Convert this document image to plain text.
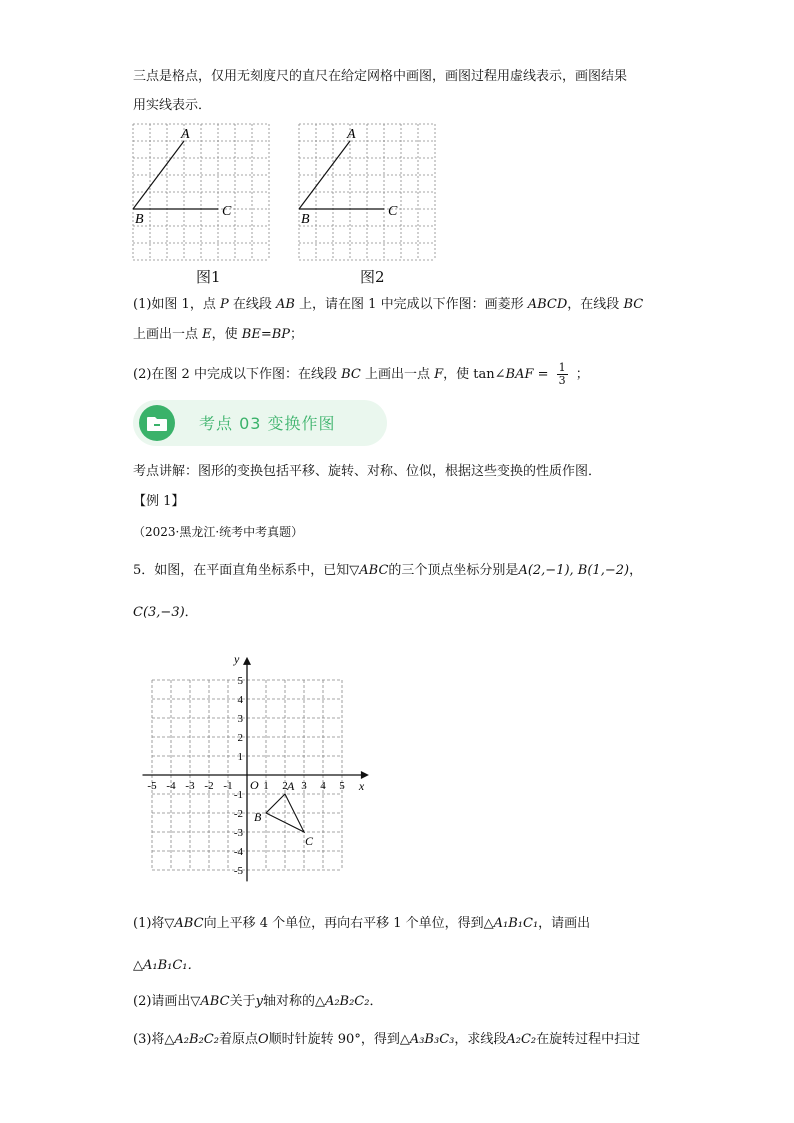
三点是格点，仅用无刻度尺的直尺在给定网格中画图，画图过程用虚线表示，画图结果
用实线表示．
A
B
C
A
B
C
图1	图2
(1)如图 1，点 P 在线段 AB 上，请在图 1 中完成以下作图：画菱形 ABCD，在线段 BC
上画出一点 E，使 BE=BP；
(2)在图 2 中完成以下作图：在线段 BC 上画出一点 F，使 tan∠BAF = $\frac{1}{3}$ ；
考点 03 变换作图
考点讲解：图形的变换包括平移、旋转、对称、位似，根据这些变换的性质作图．
【例 1】
（2023·黑龙江·统考中考真题）
5．如图，在平面直角坐标系中，已知▽ABC的三个顶点坐标分别是A(2,−1), B(1,−2)，
C(3,−3)．
x
y
O
-5 -4 -3 -2 -1	1 2 3 4 5
5
4
3
2
1
-1
-2
-3
-4
-5
A
B
C
(1)将▽ABC向上平移 4 个单位，再向右平移 1 个单位，得到△A₁B₁C₁，请画出
△A₁B₁C₁．
(2)请画出▽ABC关于y轴对称的△A₂B₂C₂．
(3)将△A₂B₂C₂着原点O顺时针旋转 90°，得到△A₃B₃C₃，求线段A₂C₂在旋转过程中扫过
